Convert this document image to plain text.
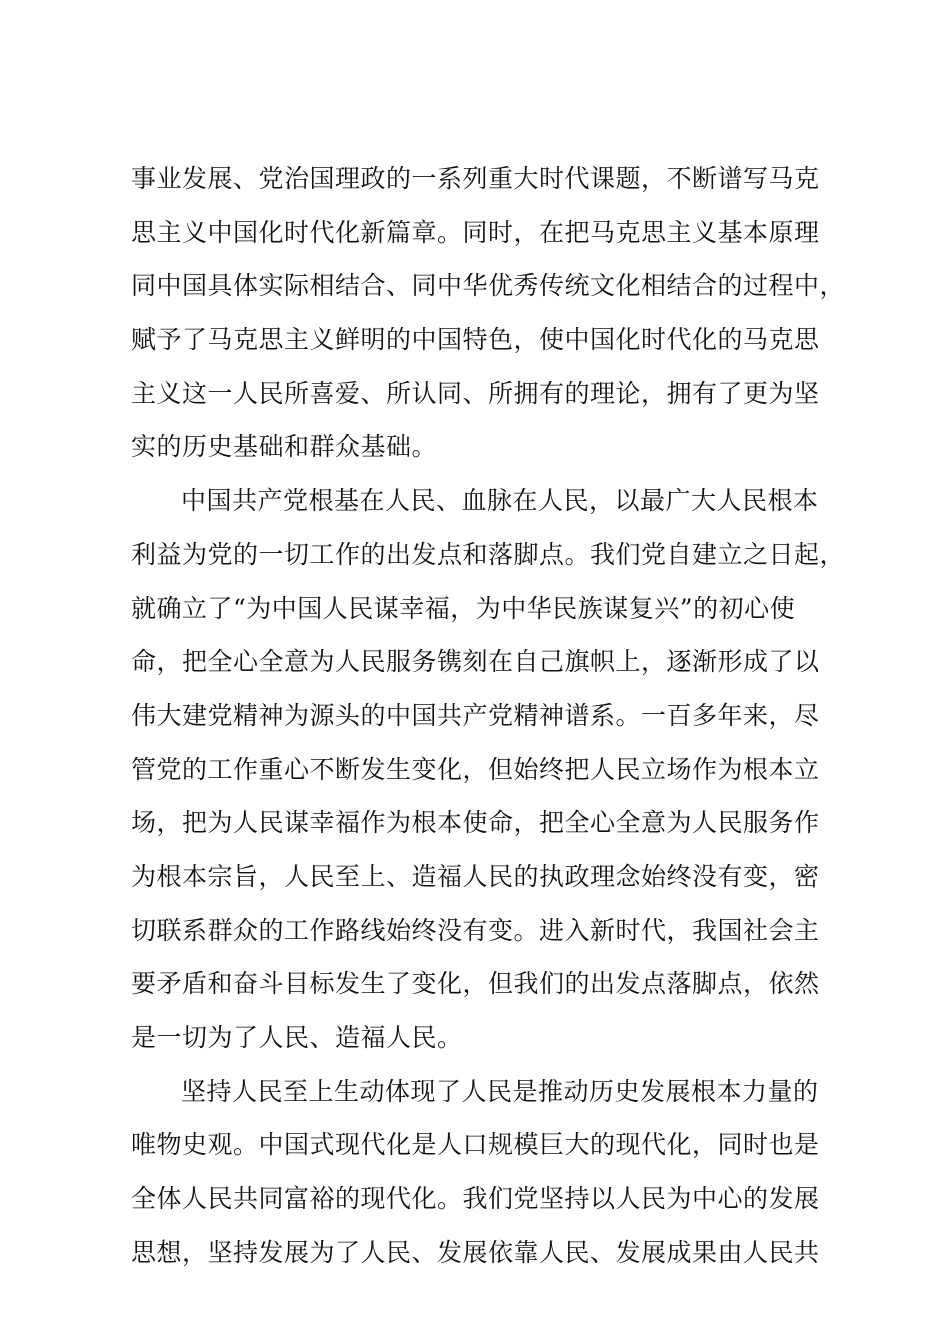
事业发展、党治国理政的一系列重大时代课题，不断谱写马克
思主义中国化时代化新篇章。同时，在把马克思主义基本原理
同中国具体实际相结合、同中华优秀传统文化相结合的过程中，
赋予了马克思主义鲜明的中国特色，使中国化时代化的马克思
主义这一人民所喜爱、所认同、所拥有的理论，拥有了更为坚
实的历史基础和群众基础。
中国共产党根基在人民、血脉在人民，以最广大人民根本
利益为党的一切工作的出发点和落脚点。我们党自建立之日起，
就确立了“为中国人民谋幸福，为中华民族谋复兴”的初心使
命，把全心全意为人民服务镌刻在自己旗帜上，逐渐形成了以
伟大建党精神为源头的中国共产党精神谱系。一百多年来，尽
管党的工作重心不断发生变化，但始终把人民立场作为根本立
场，把为人民谋幸福作为根本使命，把全心全意为人民服务作
为根本宗旨，人民至上、造福人民的执政理念始终没有变，密
切联系群众的工作路线始终没有变。进入新时代，我国社会主
要矛盾和奋斗目标发生了变化，但我们的出发点落脚点，依然
是一切为了人民、造福人民。
坚持人民至上生动体现了人民是推动历史发展根本力量的
唯物史观。中国式现代化是人口规模巨大的现代化，同时也是
全体人民共同富裕的现代化。我们党坚持以人民为中心的发展
思想，坚持发展为了人民、发展依靠人民、发展成果由人民共
